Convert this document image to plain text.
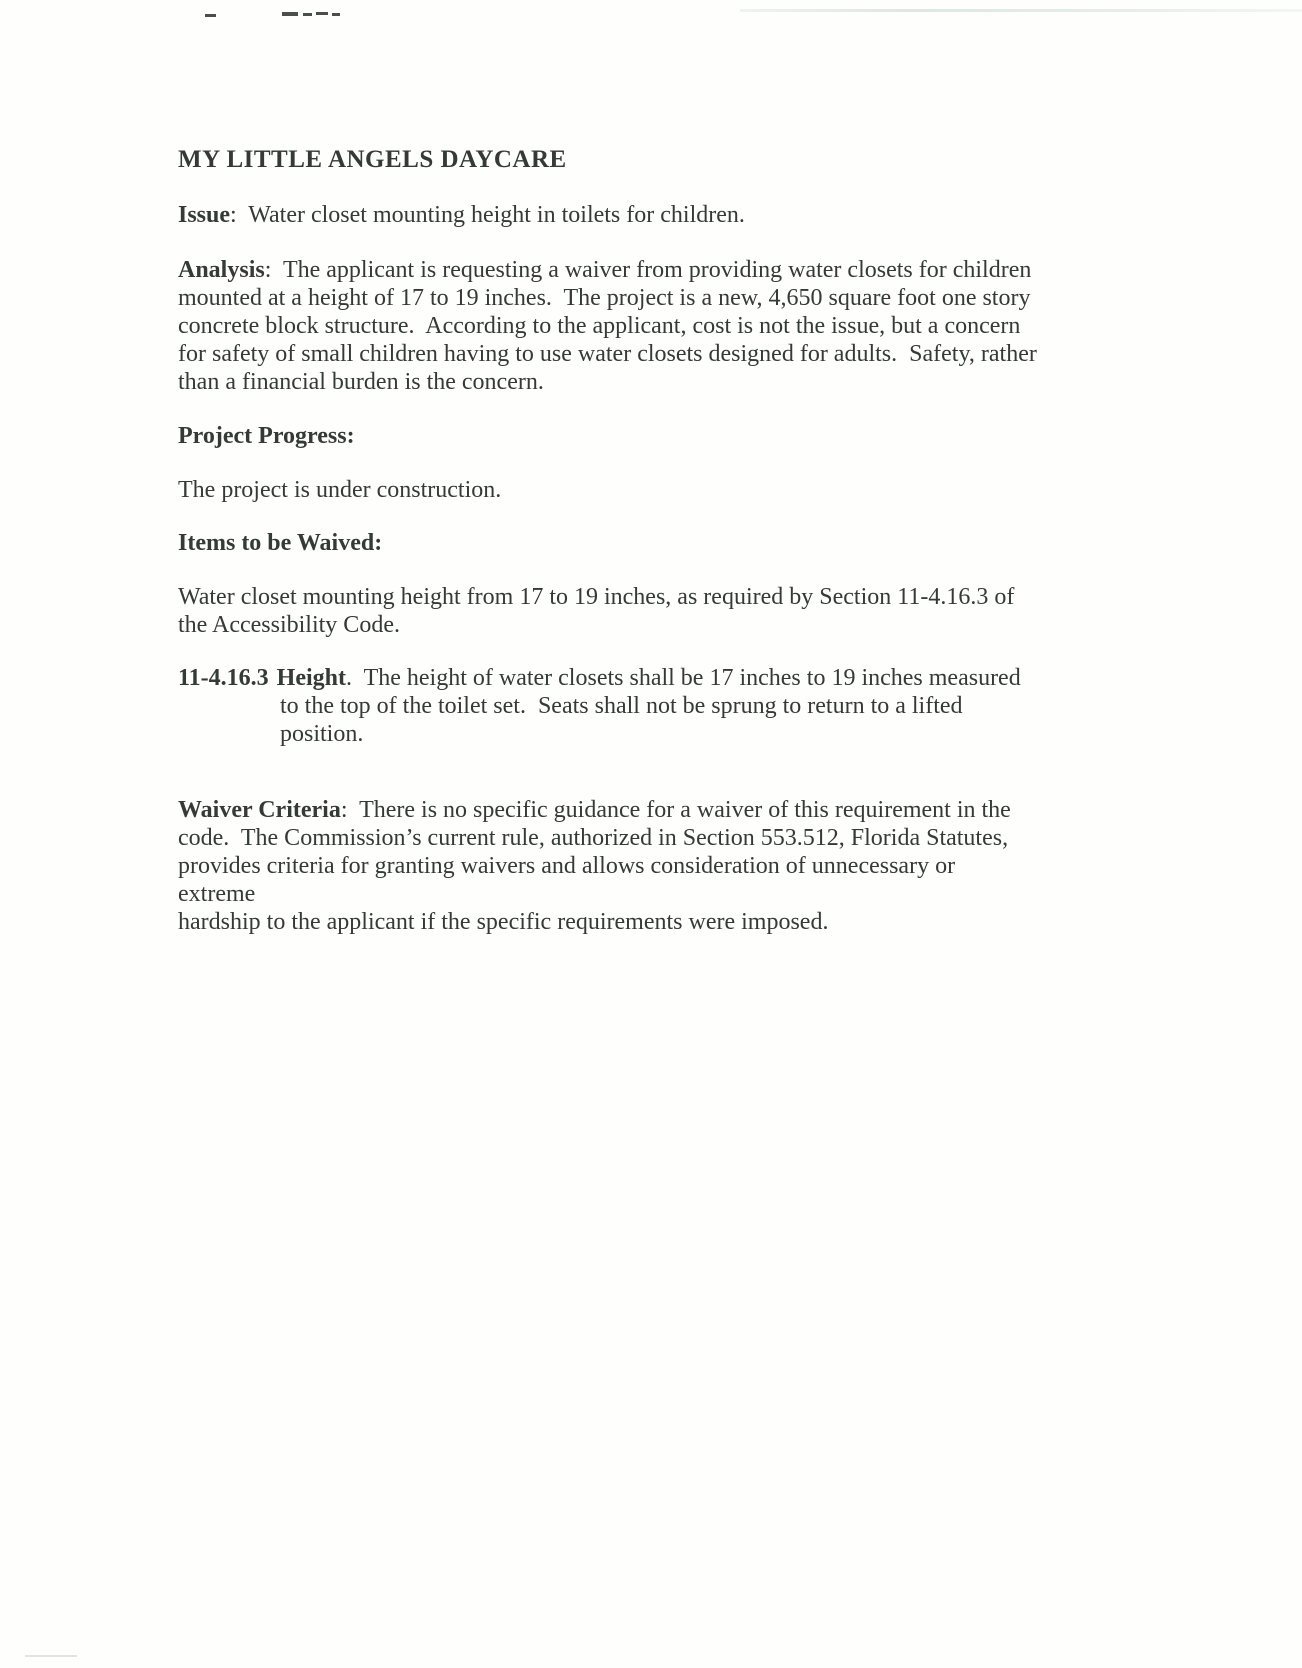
MY LITTLE ANGELS DAYCARE
Issue:  Water closet mounting height in toilets for children.
Analysis:  The applicant is requesting a waiver from providing water closets for children
mounted at a height of 17 to 19 inches.  The project is a new, 4,650 square foot one story
concrete block structure.  According to the applicant, cost is not the issue, but a concern
for safety of small children having to use water closets designed for adults.  Safety, rather
than a financial burden is the concern.
Project Progress:
The project is under construction.
Items to be Waived:
Water closet mounting height from 17 to 19 inches, as required by Section 11-4.16.3 of
the Accessibility Code.
11-4.16.3 Height.  The height of water closets shall be 17 inches to 19 inches measured
to the top of the toilet set.  Seats shall not be sprung to return to a lifted
position.
Waiver Criteria:  There is no specific guidance for a waiver of this requirement in the
code.  The Commission’s current rule, authorized in Section 553.512, Florida Statutes,
provides criteria for granting waivers and allows consideration of unnecessary or extreme
hardship to the applicant if the specific requirements were imposed.
